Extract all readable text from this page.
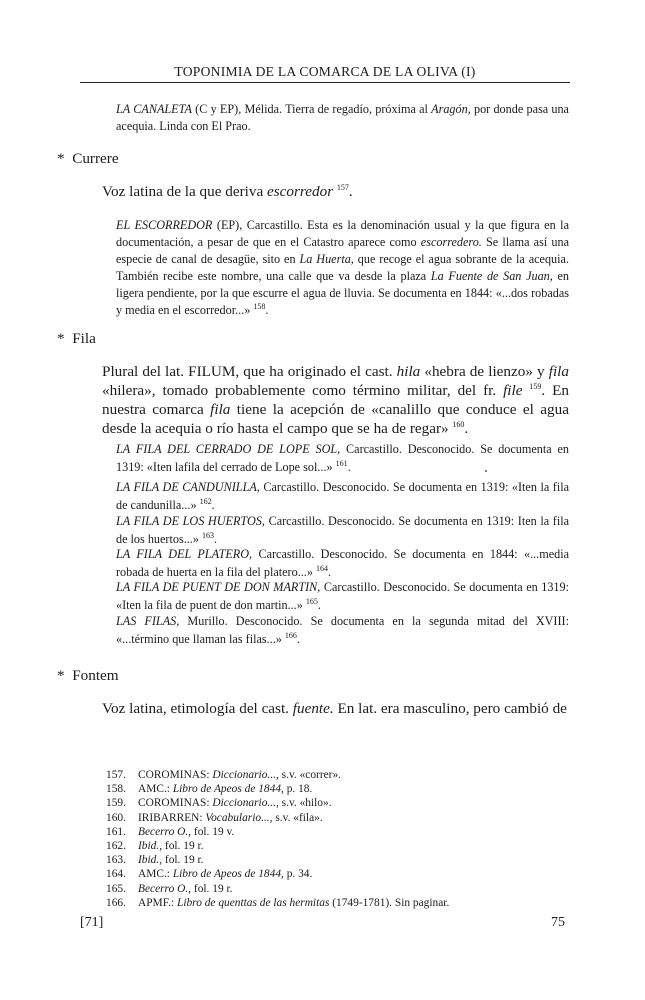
TOPONIMIA DE LA COMARCA DE LA OLIVA (I)

LA CANALETA (C y EP), Mélida. Tierra de regadío, próxima al Aragón, por donde pasa una acequia. Linda con El Prao.

* Currere

Voz latina de la que deriva escorredor $^{157}$.

EL ESCORREDOR (EP), Carcastillo. Esta es la denominación usual y la que figura en la documentación, a pesar de que en el Catastro aparece como escorredero. Se llama así una especie de canal de desagüe, sito en La Huerta, que recoge el agua sobrante de la acequia. También recibe este nombre, una calle que va desde la plaza La Fuente de San Juan, en ligera pendiente, por la que escurre el agua de lluvia. Se documenta en 1844: «...dos robadas y media en el escorredor...» $^{158}$.

* Fila

Plural del lat. FILUM, que ha originado el cast. hila «hebra de lienzo» y fila «hilera», tomado probablemente como término militar, del fr. file $^{159}$. En nuestra comarca fila tiene la acepción de «canalillo que conduce el agua desde la acequia o río hasta el campo que se ha de regar» $^{160}$.

LA FILA DEL CERRADO DE LOPE SOL, Carcastillo. Desconocido. Se documenta en 1319: «Iten lafila del cerrado de Lope sol...» $^{161}$.

LA FILA DE CANDUNILLA, Carcastillo. Desconocido. Se documenta en 1319: «Iten la fila de candunilla...» $^{162}$.

LA FILA DE LOS HUERTOS, Carcastillo. Desconocido. Se documenta en 1319: Iten la fila de los huertos...» $^{163}$.

LA FILA DEL PLATERO, Carcastillo. Desconocido. Se documenta en 1844: «...media robada de huerta en la fila del platero...» $^{164}$.

LA FILA DE PUENT DE DON MARTIN, Carcastillo. Desconocido. Se documenta en 1319: «Iten la fila de puent de don martin...» $^{165}$.

LAS FILAS, Murillo. Desconocido. Se documenta en la segunda mitad del XVIII: «...término que llaman las filas...» $^{166}$.

* Fontem

Voz latina, etimología del cast. fuente. En lat. era masculino, pero cambió de

157. COROMINAS: Diccionario..., s.v. «correr».
158. AMC.: Libro de Apeos de 1844, p. 18.
159. COROMINAS: Diccionario..., s.v. «hilo».
160. IRIBARREN: Vocabulario..., s.v. «fila».
161. Becerro O., fol. 19 v.
162. Ibid., fol. 19 r.
163. Ibid., fol. 19 r.
164. AMC.: Libro de Apeos de 1844, p. 34.
165. Becerro O., fol. 19 r.
166. APMF.: Libro de quenttas de las hermitas (1749-1781). Sin paginar.
[71]	75
